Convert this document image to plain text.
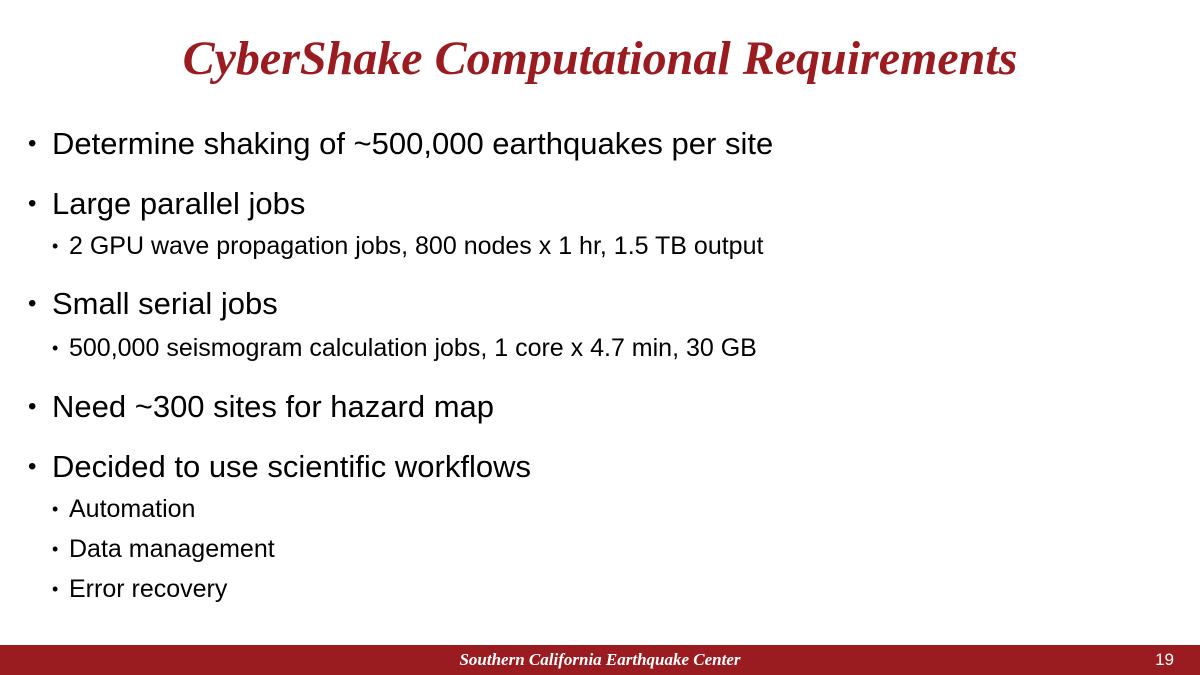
CyberShake Computational Requirements
• Determine shaking of ~500,000 earthquakes per site
• Large parallel jobs
• 2 GPU wave propagation jobs, 800 nodes x 1 hr, 1.5 TB output
• Small serial jobs
• 500,000 seismogram calculation jobs, 1 core x 4.7 min, 30 GB
• Need ~300 sites for hazard map
• Decided to use scientific workflows
• Automation
• Data management
• Error recovery
Southern California Earthquake Center	19
